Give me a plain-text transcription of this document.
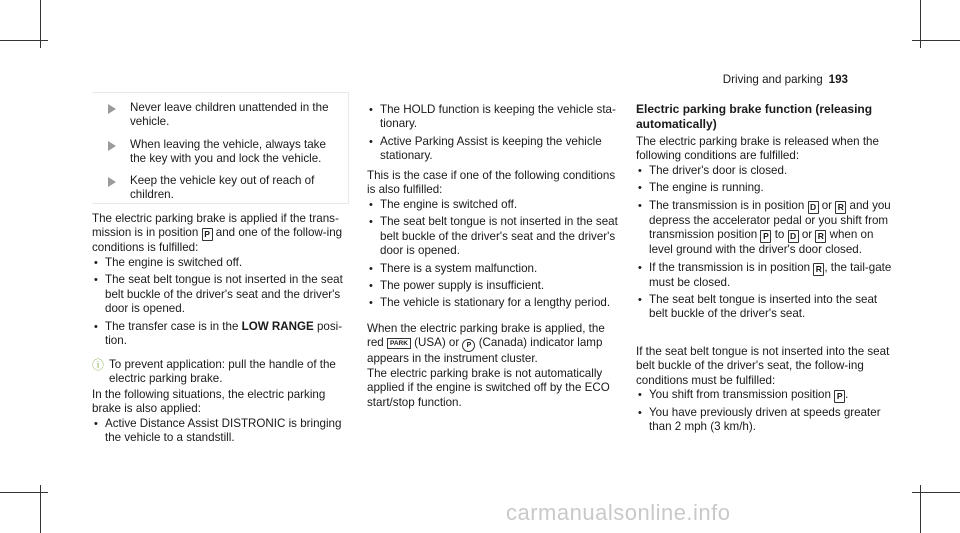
Driving and parking 193
Never leave children unattended in the vehicle.
When leaving the vehicle, always take the key with you and lock the vehicle.
Keep the vehicle key out of reach of children.

The electric parking brake is applied if the trans-mission is in position P and one of the follow-ing conditions is fulfilled:

• The engine is switched off.
• The seat belt tongue is not inserted in the seat belt buckle of the driver's seat and the driver's door is opened.
• The transfer case is in the LOW RANGE posi-tion.
ⓘ To prevent application: pull the handle of the electric parking brake.

In the following situations, the electric parking brake is also applied:

• Active Distance Assist DISTRONIC is bringing the vehicle to a standstill.
• The HOLD function is keeping the vehicle sta-tionary.
• Active Parking Assist is keeping the vehicle stationary.

This is the case if one of the following conditions is also fulfilled:

• The engine is switched off.
• The seat belt tongue is not inserted in the seat belt buckle of the driver's seat and the driver's door is opened.
• There is a system malfunction.
• The power supply is insufficient.
• The vehicle is stationary for a lengthy period.

When the electric parking brake is applied, the red PARK (USA) or P (Canada) indicator lamp appears in the instrument cluster.

The electric parking brake is not automatically applied if the engine is switched off by the ECO start/stop function.

Electric parking brake function (releasing automatically)

The electric parking brake is released when the following conditions are fulfilled:

• The driver's door is closed.
• The engine is running.
• The transmission is in position D or R and you depress the accelerator pedal or you shift from transmission position P to D or R when on level ground with the driver's door closed.
• If the transmission is in position R , the tail-gate must be closed.
• The seat belt tongue is inserted into the seat belt buckle of the driver's seat.

If the seat belt tongue is not inserted into the seat belt buckle of the driver's seat, the follow-ing conditions must be fulfilled:

• You shift from transmission position P .
• You have previously driven at speeds greater than 2 mph (3 km/h).
carmanualsonline.info
